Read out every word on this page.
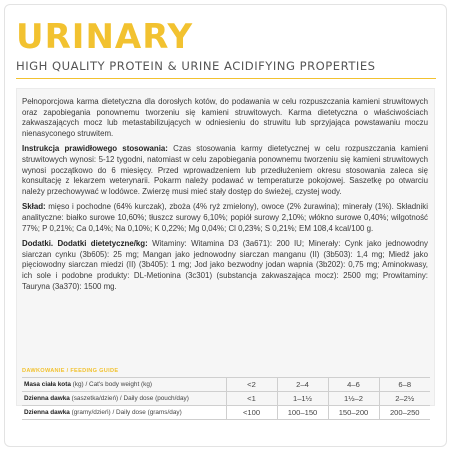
URINARY
HIGH QUALITY PROTEIN & URINE ACIDIFYING PROPERTIES

Pełnoporcjowa karma dietetyczna dla dorosłych kotów, do podawania w celu rozpuszczania kamieni struwitowych oraz zapobiegania ponownemu tworzeniu się kamieni struwitowych. Karma dietetyczna o właściwościach zakwaszających mocz lub metastabilizujących w odniesieniu do struwitu lub sprzyjająca powstawaniu moczu nienasyconego struwitem.

Instrukcja prawidłowego stosowania: Czas stosowania karmy dietetycznej w celu rozpuszczania kamieni struwitowych wynosi: 5-12 tygodni, natomiast w celu zapobiegania ponownemu tworzeniu się kamieni struwitowych wynosi początkowo do 6 miesięcy. Przed wprowadzeniem lub przedłużeniem okresu stosowania zaleca się konsultację z lekarzem weterynarii. Pokarm należy podawać w temperaturze pokojowej. Saszetkę po otwarciu należy przechowywać w lodówce. Zwierzę musi mieć stały dostęp do świeżej, czystej wody.

Skład: mięso i pochodne (64% kurczak), zboża (4% ryż zmielony), owoce (2% żurawina); minerały (1%). Składniki analityczne: białko surowe 10,60%; tłuszcz surowy 6,10%; popiół surowy 2,10%; włókno surowe 0,40%; wilgotność 77%; P 0,21%; Ca 0,14%; Na 0,10%; K 0,22%; Mg 0,04%; Cl 0,23%; S 0,21%; EM 108,4 kcal/100 g.

Dodatki. Dodatki dietetyczne/kg: Witaminy: Witamina D3 (3a671): 200 IU; Minerały: Cynk jako jednowodny siarczan cynku (3b605): 25 mg; Mangan jako jednowodny siarczan manganu (II) (3b503): 1,4 mg; Miedź jako pięciowodny siarczan miedzi (II) (3b405): 1 mg; Jod jako bezwodny jodan wapnia (3b202): 0,75 mg; Aminokwasy, ich sole i podobne produkty: DL-Metionina (3c301) (substancja zakwaszająca mocz): 2500 mg; Prowitaminy: Tauryna (3a370): 1500 mg.

DAWKOWANIE / FEEDING GUIDE
Masa ciała kota (kg) / Cat's body weight (kg)	<2	2–4	4–6	6–8
Dzienna dawka (saszetka/dzień) / Daily dose (pouch/day)	<1	1–1½	1½–2	2–2½
Dzienna dawka (gramy/dzień) / Daily dose (grams/day)	<100	100–150	150–200	200–250
